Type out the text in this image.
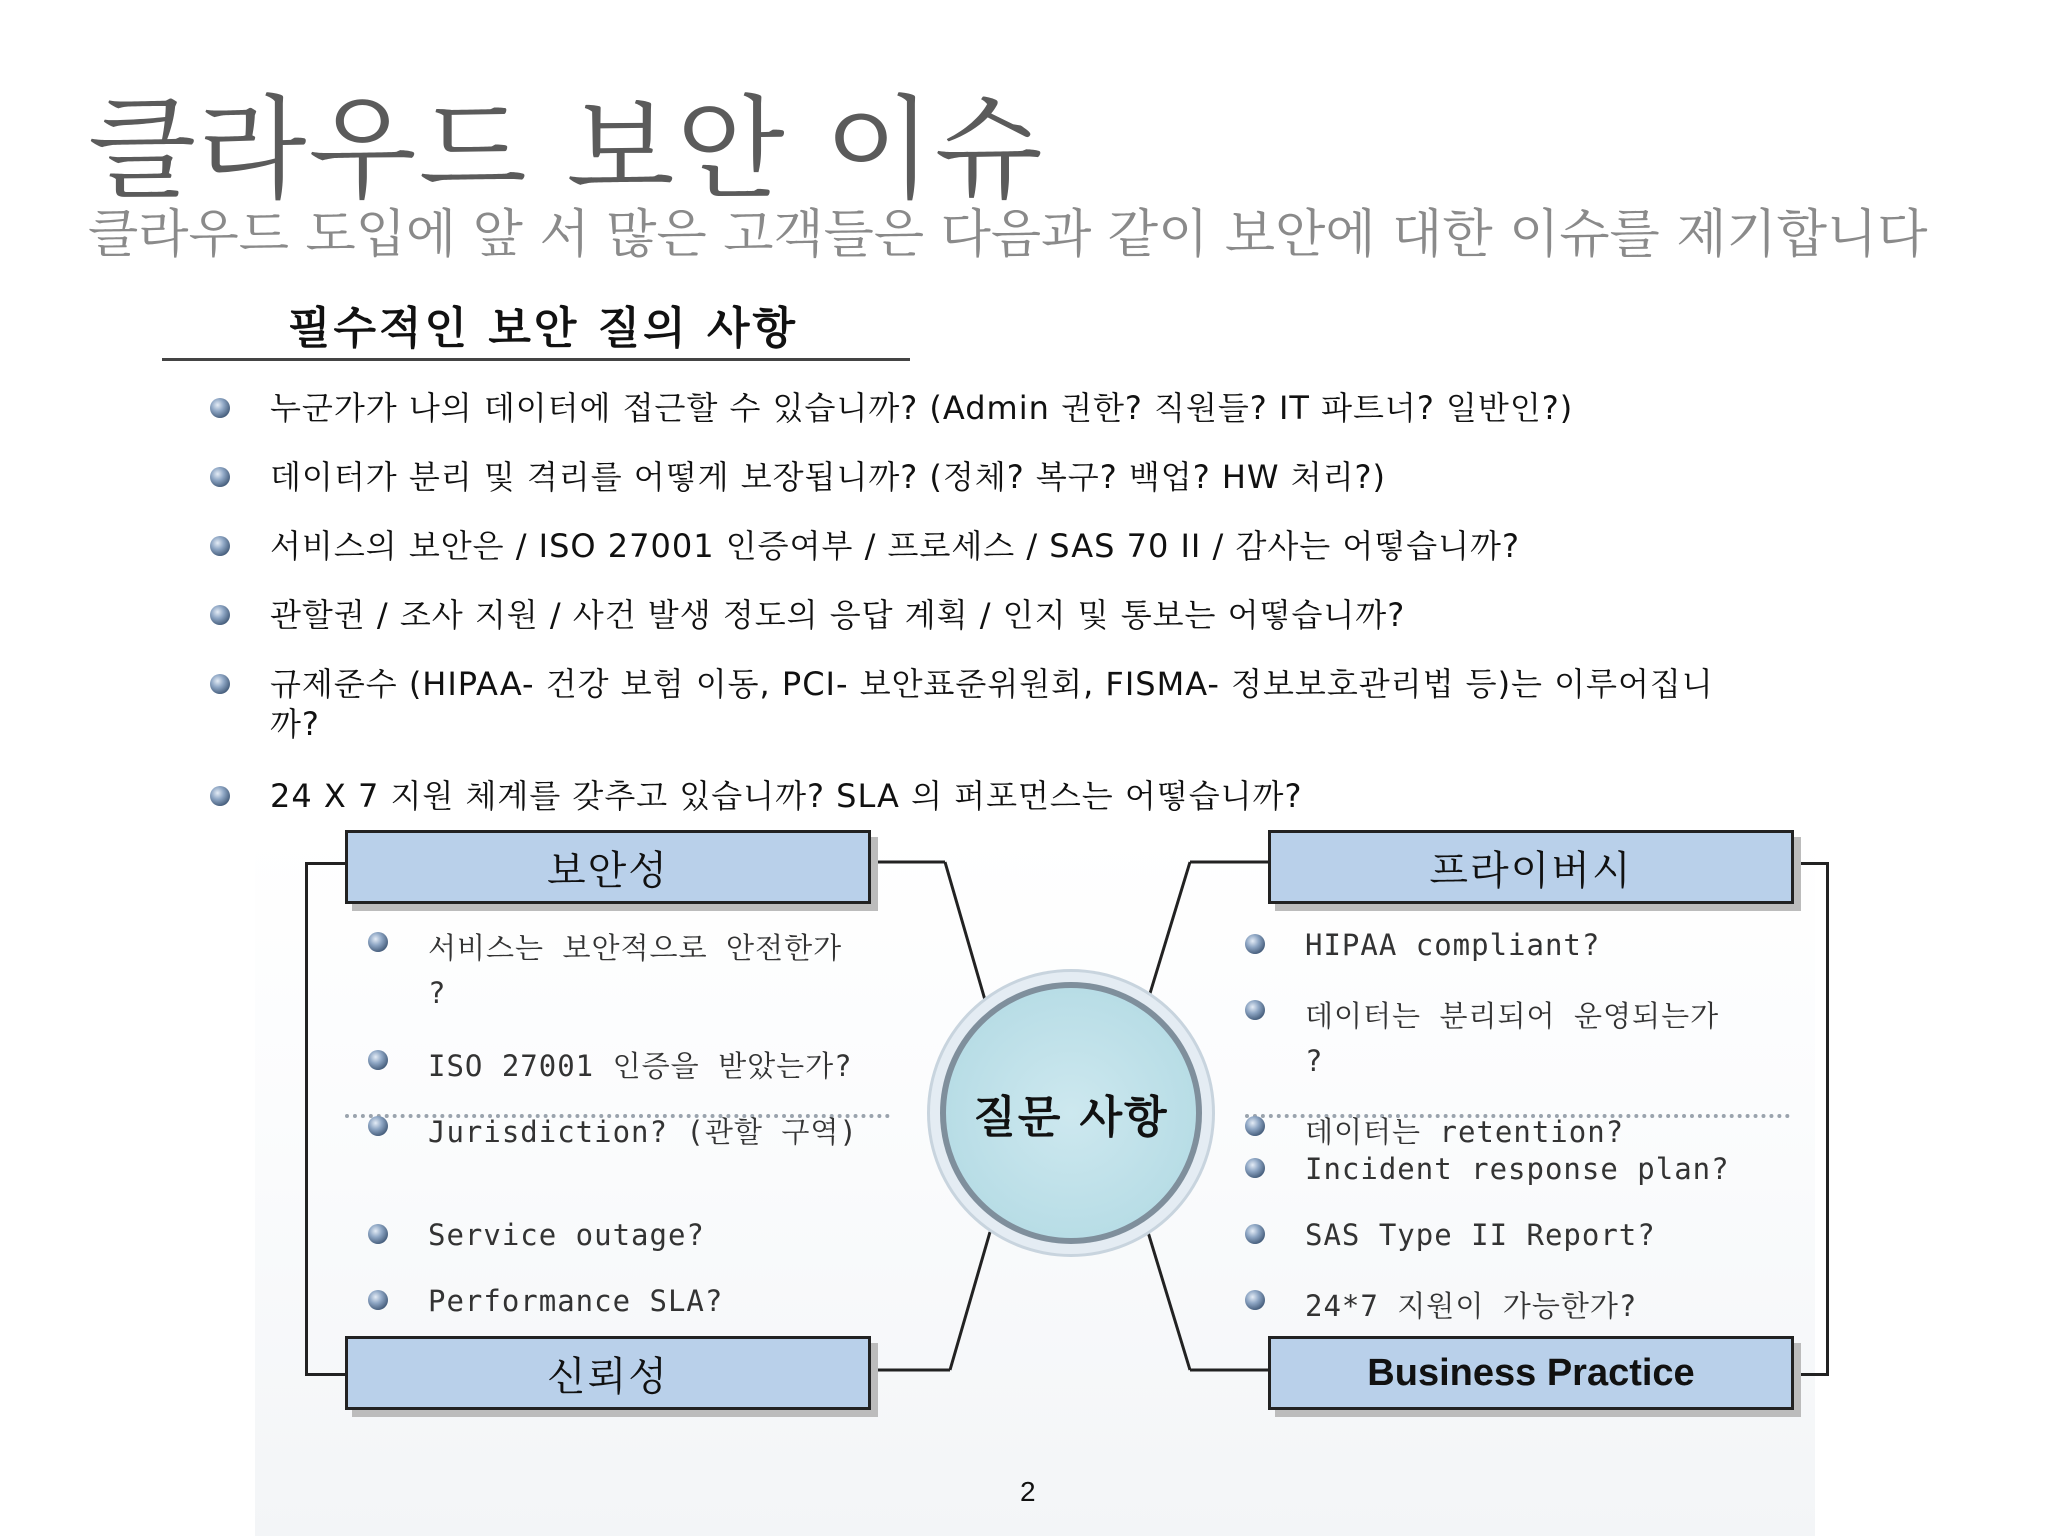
클라우드 보안 이슈
클라우드 도입에 앞 서 많은 고객들은 다음과 같이 보안에 대한 이슈를 제기합니다
필수적인 보안 질의 사항
누군가가 나의 데이터에 접근할 수 있습니까? (Admin 권한? 직원들? IT 파트너? 일반인?)
데이터가 분리 및 격리를 어떻게 보장됩니까? (정체? 복구? 백업? HW 처리?)
서비스의 보안은 / ISO 27001 인증여부 / 프로세스 / SAS 70 II / 감사는 어떻습니까?
관할권 / 조사 지원 / 사건 발생 정도의 응답 계획 / 인지 및 통보는 어떻습니까?
규제준수 (HIPAA- 건강 보험 이동, PCI- 보안표준위원회, FISMA- 정보보호관리법 등)는 이루어집니까?
24 X 7 지원 체계를 갖추고 있습니까? SLA 의 퍼포먼스는 어떻습니까?
보안성	프라이버시
신뢰성	Business Practice
서비스는 보안적으로 안전한가
?
ISO 27001 인증을 받았는가?
Jurisdiction? (관할 구역)
Service outage?
Performance SLA?
HIPAA compliant?
데이터는 분리되어 운영되는가
?
데이터는 retention?
Incident response plan?
SAS Type II Report?
24*7 지원이 가능한가?
질문 사항
2
